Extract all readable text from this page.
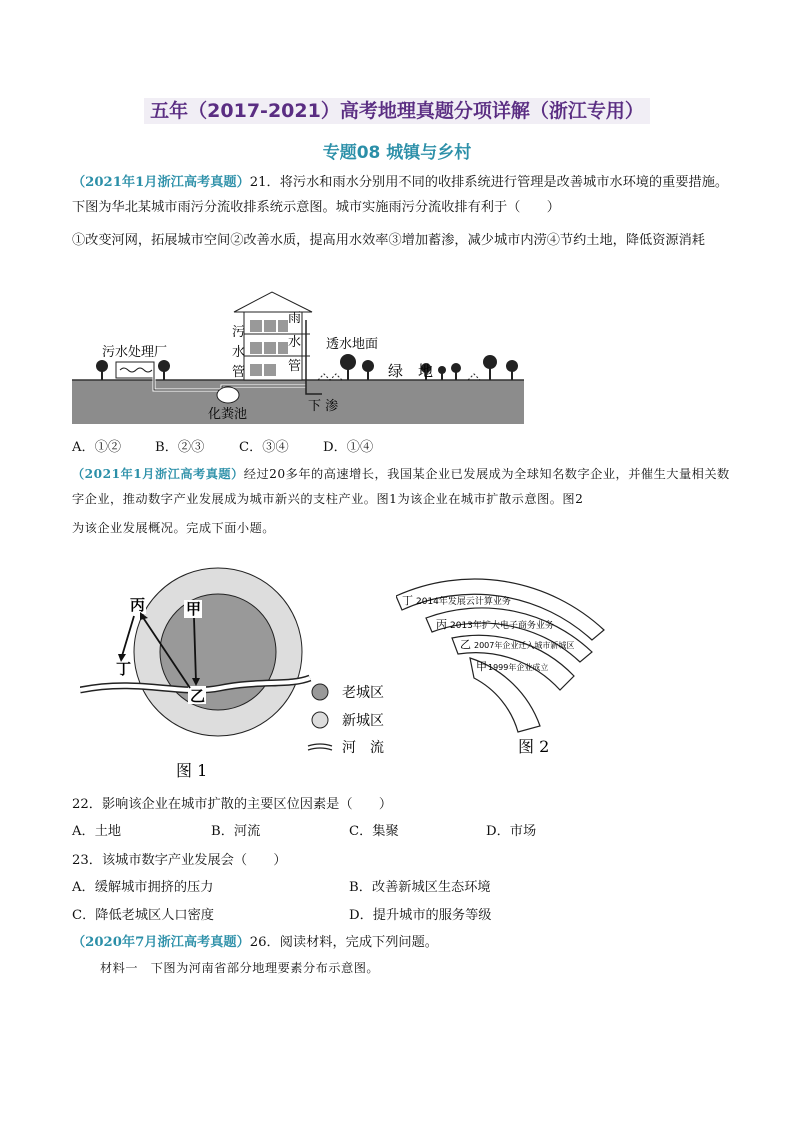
五年（2017-2021）高考地理真题分项详解（浙江专用）
专题08 城镇与乡村
（2021年1月浙江高考真题）21．将污水和雨水分别用不同的收排系统进行管理是改善城市水环境的重要措施。下图为华北某城市雨污分流收排系统示意图。城市实施雨污分流收排有利于（　　）
①改变河网，拓展城市空间②改善水质，提高用水效率③增加蓄渗，减少城市内涝④节约土地，降低资源消耗
污水处理厂
污
水
管
雨
水
管
透水地面
绿 地
下 渗
化粪池
A．①②	B．②③	C．③④	D．①④
（2021年1月浙江高考真题）经过20多年的高速增长，我国某企业已发展成为全球知名数字企业，并催生大量相关数字企业，推动数字产业发展成为城市新兴的支柱产业。图1为该企业在城市扩散示意图。图2
为该企业发展概况。完成下面小题。
甲
乙
丙
丁
老城区
新城区
河　流
图 1
丁 2014年发展云计算业务
丙 2013年扩大电子商务业务
乙 2007年企业迁入城市新城区
甲 1999年企业成立
图 2
22．影响该企业在城市扩散的主要区位因素是（　　）
A．土地	B．河流	C．集聚	D．市场
23．该城市数字产业发展会（　　）
A．缓解城市拥挤的压力	B．改善新城区生态环境
C．降低老城区人口密度	D．提升城市的服务等级
（2020年7月浙江高考真题）26．阅读材料，完成下列问题。
材料一　下图为河南省部分地理要素分布示意图。
